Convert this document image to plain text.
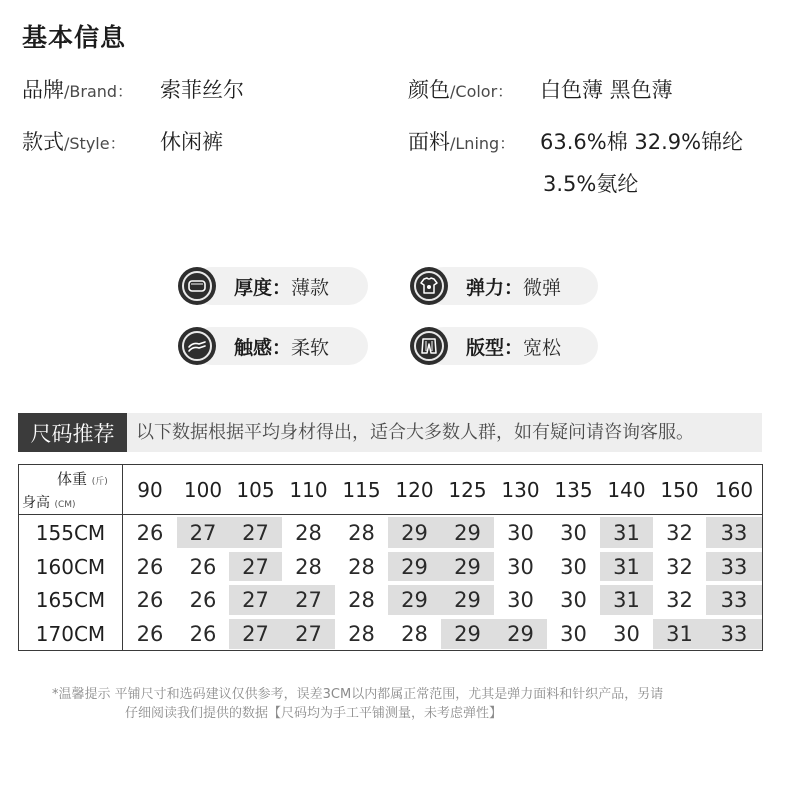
基本信息
品牌/Brand： 索菲丝尔	颜色/Color： 白色薄 黑色薄
款式/Style： 休闲裤	面料/Lning： 63.6%棉 32.9%锦纶
3.5%氨纶
厚度： 薄款	弹力： 微弹
触感： 柔软	版型： 宽松
尺码推荐	以下数据根据平均身材得出，适合大多数人群，如有疑问请咨询客服。
体重 (斤)
身高 (CM)
90	100 105 110 115 120 125 130 135 140 150 160
155CM	26	27	27	28	28	29	29	30	30	31	32	33
160CM	26	26	27	28	28	29	29	30	30	31	32	33
165CM	26	26	27	27	28	29	29	30	30	31	32	33
170CM	26	26	27	27	28	28	29	29	30	30	31	33
*温馨提示 平铺尺寸和选码建议仅供参考，误差3CM以内都属正常范围，尤其是弹力面料和针织产品，另请
仔细阅读我们提供的数据【尺码均为手工平铺测量，未考虑弹性】
